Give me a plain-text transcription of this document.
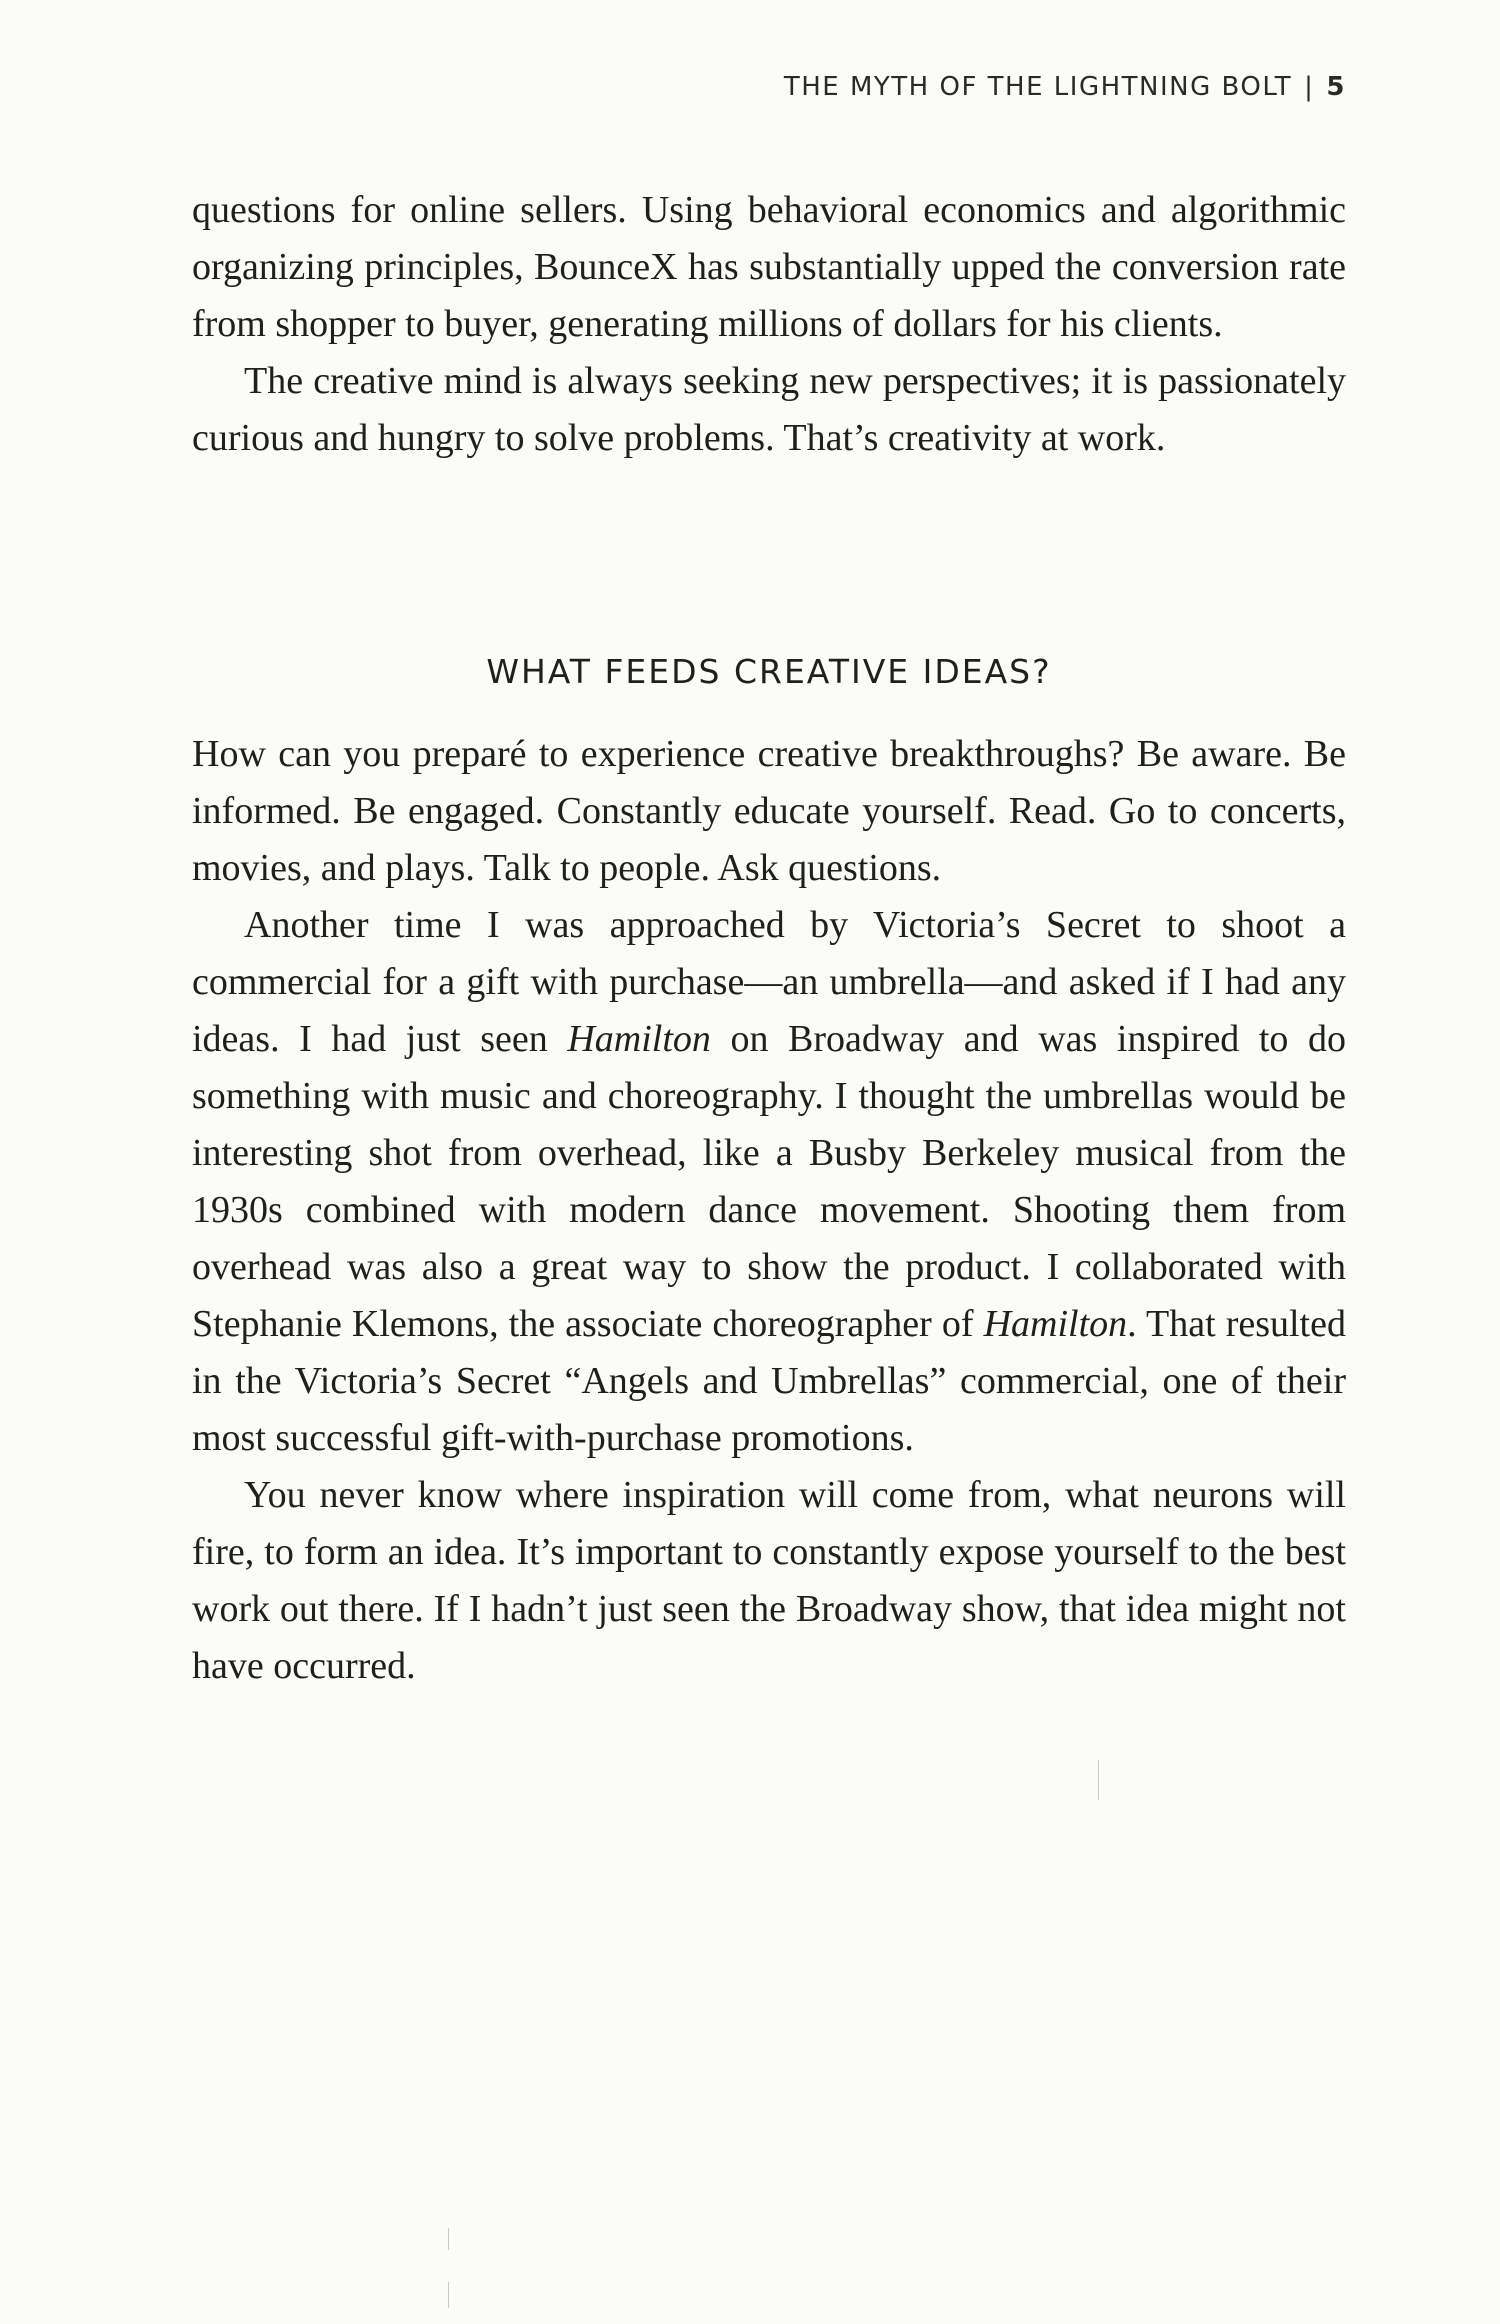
THE MYTH OF THE LIGHTNING BOLT | 5

questions for online sellers. Using behavioral economics and algorithmic organizing principles, BounceX has substantially upped the conversion rate from shopper to buyer, generating millions of dollars for his clients.

The creative mind is always seeking new perspectives; it is passionately curious and hungry to solve problems. That’s creativity at work.

WHAT FEEDS CREATIVE IDEAS?

How can you preparé to experience creative breakthroughs? Be aware. Be informed. Be engaged. Constantly educate yourself. Read. Go to concerts, movies, and plays. Talk to people. Ask questions.

Another time I was approached by Victoria’s Secret to shoot a commercial for a gift with purchase—an umbrella—and asked if I had any ideas. I had just seen Hamilton on Broadway and was inspired to do something with music and choreography. I thought the umbrellas would be interesting shot from overhead, like a Busby Berkeley musical from the 1930s combined with modern dance movement. Shooting them from overhead was also a great way to show the product. I collaborated with Stephanie Klemons, the associate choreographer of Hamilton. That resulted in the Victoria’s Secret “Angels and Umbrellas” commercial, one of their most successful gift-with-purchase promotions.

You never know where inspiration will come from, what neurons will fire, to form an idea. It’s important to constantly expose yourself to the best work out there. If I hadn’t just seen the Broadway show, that idea might not have occurred.
